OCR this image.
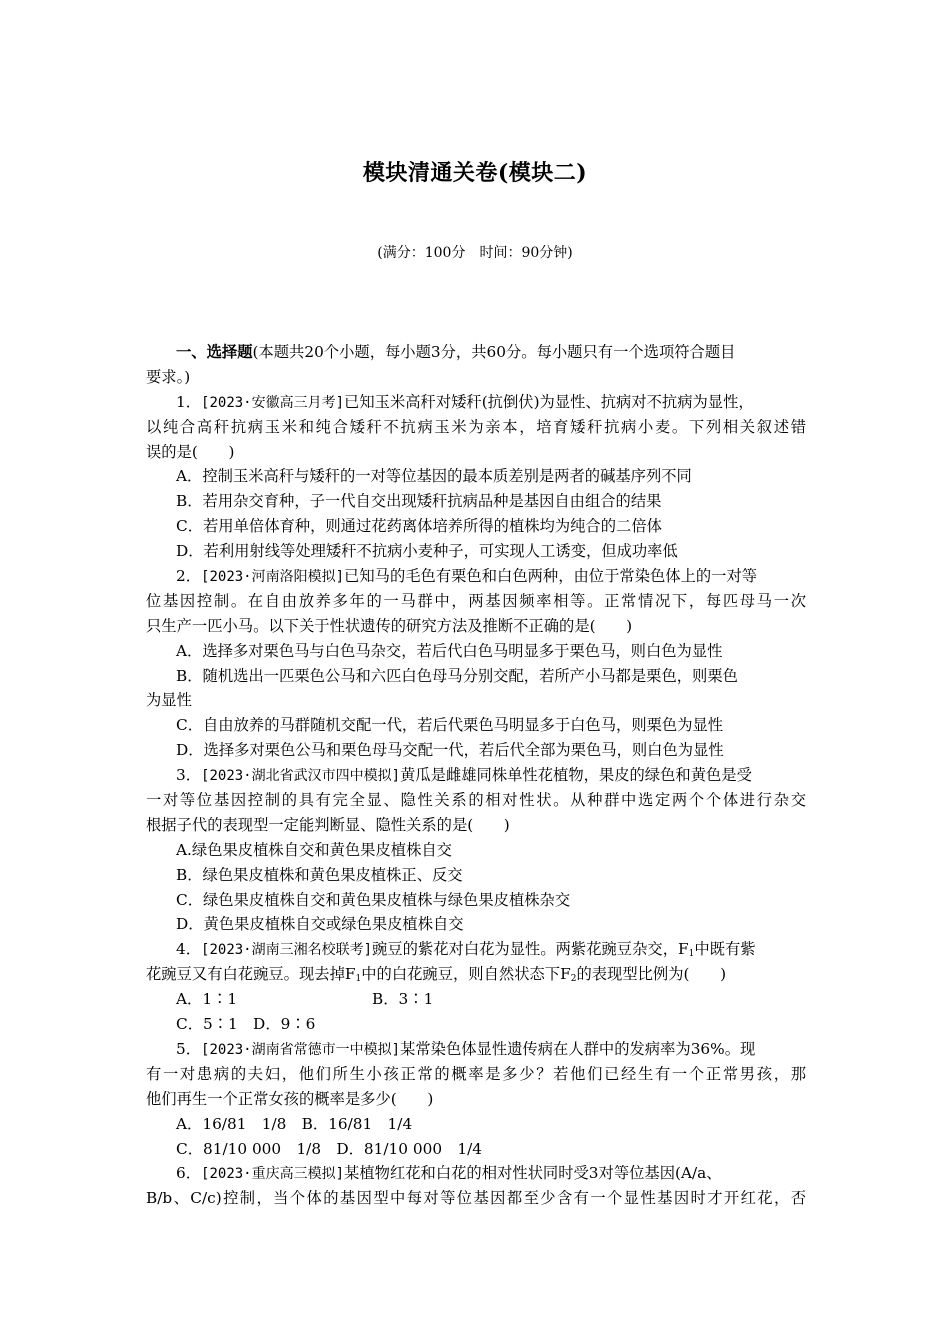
模块清通关卷(模块二)
(满分：100分　时间：90分钟)
一、选择题(本题共20个小题，每小题3分，共60分。每小题只有一个选项符合题目
要求。)
1．[2023·安徽高三月考]已知玉米高秆对矮秆(抗倒伏)为显性、抗病对不抗病为显性，
以纯合高秆抗病玉米和纯合矮秆不抗病玉米为亲本，培育矮秆抗病小麦。下列相关叙述错
误的是(　　)
A．控制玉米高秆与矮秆的一对等位基因的最本质差别是两者的碱基序列不同
B．若用杂交育种，子一代自交出现矮秆抗病品种是基因自由组合的结果
C．若用单倍体育种，则通过花药离体培养所得的植株均为纯合的二倍体
D．若利用射线等处理矮秆不抗病小麦种子，可实现人工诱变，但成功率低
2．[2023·河南洛阳模拟]已知马的毛色有栗色和白色两种，由位于常染色体上的一对等
位基因控制。在自由放养多年的一马群中，两基因频率相等。正常情况下，每匹母马一次
只生产一匹小马。以下关于性状遗传的研究方法及推断不正确的是(　　)
A．选择多对栗色马与白色马杂交，若后代白色马明显多于栗色马，则白色为显性
B．随机选出一匹栗色公马和六匹白色母马分别交配，若所产小马都是栗色，则栗色
为显性
C．自由放养的马群随机交配一代，若后代栗色马明显多于白色马，则栗色为显性
D．选择多对栗色公马和栗色母马交配一代，若后代全部为栗色马，则白色为显性
3．[2023·湖北省武汉市四中模拟]黄瓜是雌雄同株单性花植物，果皮的绿色和黄色是受
一对等位基因控制的具有完全显、隐性关系的相对性状。从种群中选定两个个体进行杂交
根据子代的表现型一定能判断显、隐性关系的是(　　)
A.绿色果皮植株自交和黄色果皮植株自交
B．绿色果皮植株和黄色果皮植株正、反交
C．绿色果皮植株自交和黄色果皮植株与绿色果皮植株杂交
D．黄色果皮植株自交或绿色果皮植株自交
4．[2023·湖南三湘名校联考]豌豆的紫花对白花为显性。两紫花豌豆杂交，$F_1$中既有紫
花豌豆又有白花豌豆。现去掉$F_1$中的白花豌豆，则自然状态下$F_2$的表现型比例为(　　)
A．1∶1	B．3∶1
C．5∶1　D．9∶6
5．[2023·湖南省常德市一中模拟]某常染色体显性遗传病在人群中的发病率为36%。现
有一对患病的夫妇，他们所生小孩正常的概率是多少？若他们已经生有一个正常男孩，那
他们再生一个正常女孩的概率是多少(　　)
A．16/81　1/8　B．16/81　1/4
C．81/10 000　1/8　D．81/10 000　1/4
6．[2023·重庆高三模拟]某植物红花和白花的相对性状同时受3对等位基因(A/a、
B/b、C/c)控制，当个体的基因型中每对等位基因都至少含有一个显性基因时才开红花，否
